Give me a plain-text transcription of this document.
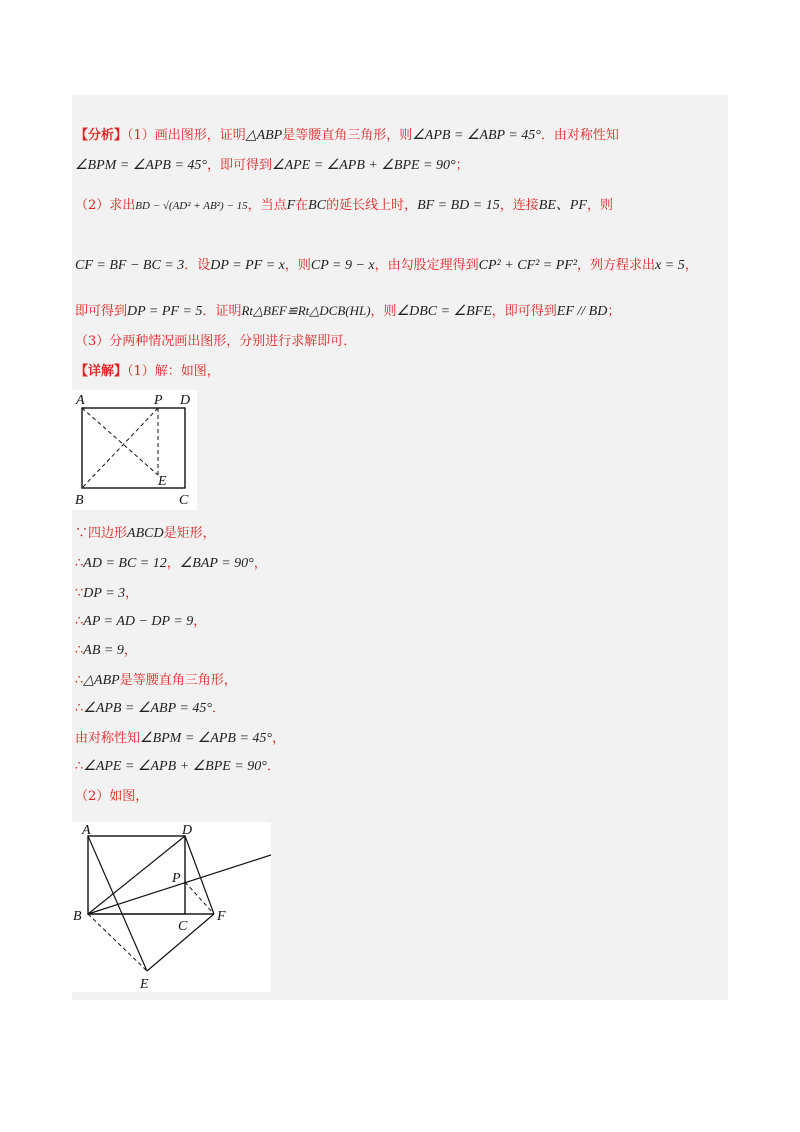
【分析】（1）画出图形，证明△ABP是等腰直角三角形，则∠APB = ∠ABP = 45°．由对称性知
∠BPM = ∠APB = 45°，即可得到∠APE = ∠APB + ∠BPE = 90°；
（2）求出BD − √(AD² + AB²) − 15，当点F在BC的延长线上时，BF = BD = 15，连接BE、PF，则
CF = BF − BC = 3．设DP = PF = x，则CP = 9 − x，由勾股定理得到CP² + CF² = PF²，列方程求出x = 5，
即可得到DP = PF = 5．证明Rt△BEF≌Rt△DCB(HL)，则∠DBC = ∠BFE，即可得到EF // BD；
（3）分两种情况画出图形，分别进行求解即可．
【详解】（1）解：如图，
A	P D
E
B	C
∵四边形ABCD是矩形，
∴AD = BC = 12，∠BAP = 90°，
∵DP = 3，
∴AP = AD − DP = 9，
∴AB = 9，
∴△ABP是等腰直角三角形，
∴∠APB = ∠ABP = 45°．
由对称性知∠BPM = ∠APB = 45°，
∴∠APE = ∠APB + ∠BPE = 90°．
（2）如图，
A	D
P
B
C
F
E
